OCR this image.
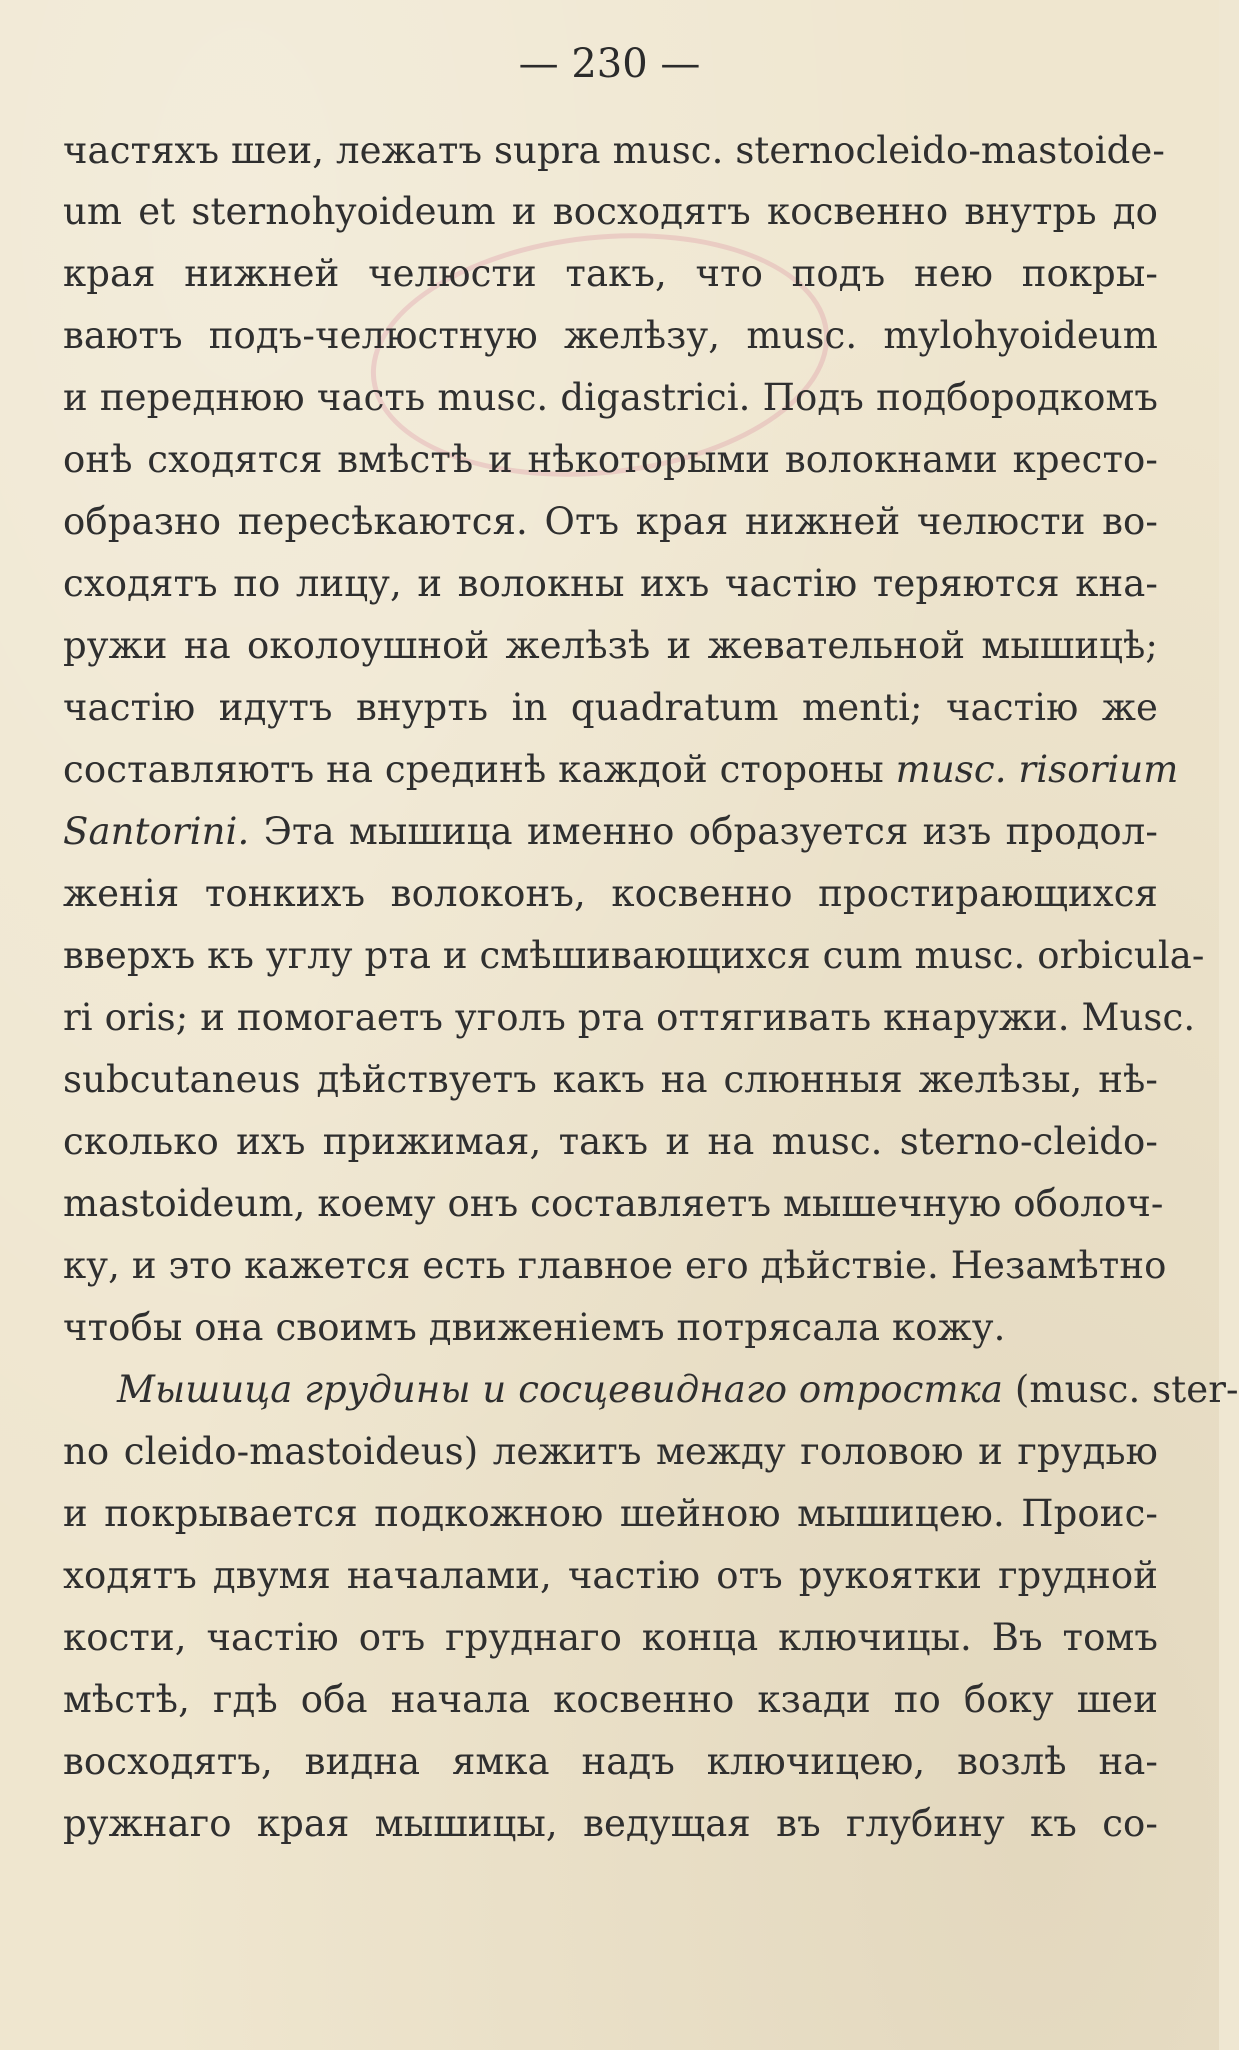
— 230 —
частяхъ шеи, лежатъ supra musc. sternocleido-mastoide-
um et sternohyoideum и восходятъ косвенно внутрь до
края нижней челюсти такъ, что подъ нею покры-
ваютъ подъ-челюстную желѣзу, musc. mylohyoideum
и переднюю часть musc. digastrici. Подъ подбородкомъ
онѣ сходятся вмѣстѣ и нѣкоторыми волокнами кресто-
образно пересѣкаются. Отъ края нижней челюсти во-
сходятъ по лицу, и волокны ихъ частію теряются кна-
ружи на околоушной желѣзѣ и жевательной мышицѣ;
частію идутъ внурть in quadratum menti; частію же
составляютъ на срединѣ каждой стороны musc. risorium
Santorini. Эта мышица именно образуется изъ продол-
женія тонкихъ волоконъ, косвенно простирающихся
вверхъ къ углу рта и смѣшивающихся cum musc. orbicula-
ri oris; и помогаетъ уголъ рта оттягивать кнаружи. Musc.
subcutaneus дѣйствуетъ какъ на слюнныя желѣзы, нѣ-
сколько ихъ прижимая, такъ и на musc. sterno-cleido-
mastoideum, коему онъ составляетъ мышечную оболоч-
ку, и это кажется есть главное его дѣйствіе. Незамѣтно
чтобы она своимъ движеніемъ потрясала кожу.
Мышица грудины и сосцевиднаго отростка (musc. ster-
no cleido-mastoideus) лежитъ между головою и грудью
и покрывается подкожною шейною мышицею. Проис-
ходятъ двумя началами, частію отъ рукоятки грудной
кости, частію отъ груднаго конца ключицы. Въ томъ
мѣстѣ, гдѣ оба начала косвенно кзади по боку шеи
восходятъ, видна ямка надъ ключицею, возлѣ на-
ружнаго края мышицы, ведущая въ глубину къ со-
